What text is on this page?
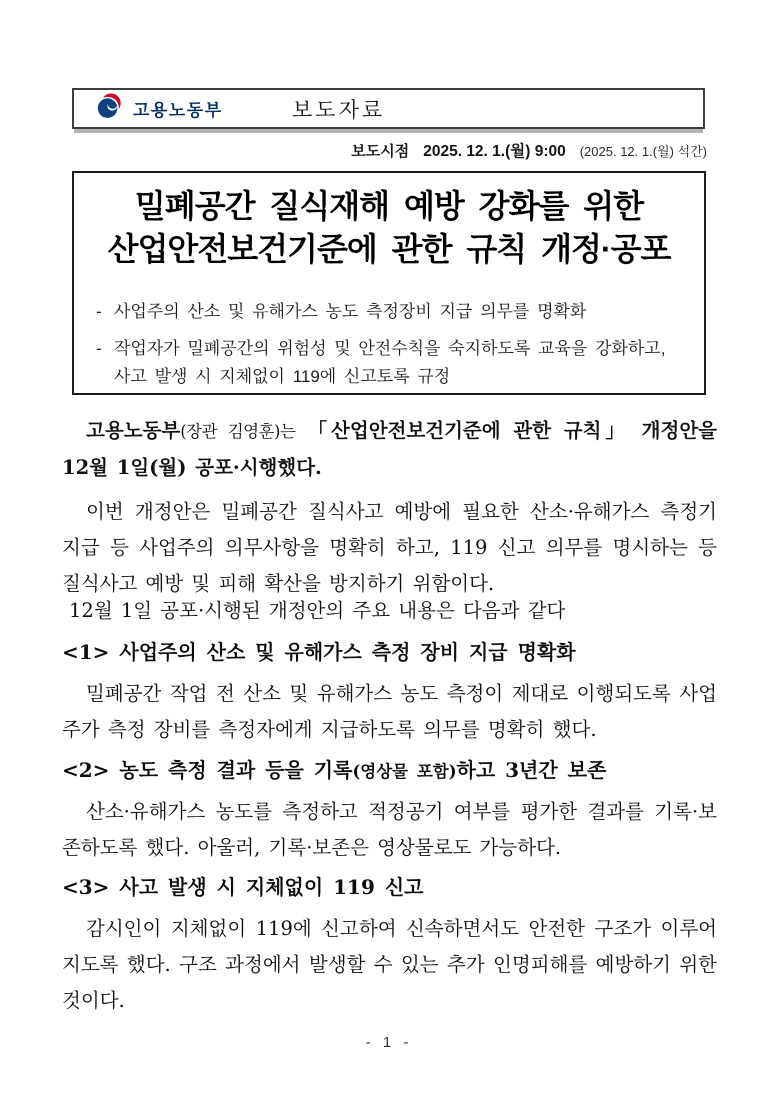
고용노동부	보도자료
보도시점 2025. 12. 1.(월) 9:00 (2025. 12. 1.(월) 석간)
밀폐공간 질식재해 예방 강화를 위한
산업안전보건기준에 관한 규칙 개정·공포
- 사업주의 산소 및 유해가스 농도 측정장비 지급 의무를 명확화
- 작업자가 밀폐공간의 위험성 및 안전수칙을 숙지하도록 교육을 강화하고, 사고 발생 시 지체없이 119에 신고토록 규정

고용노동부(장관 김영훈)는 「산업안전보건기준에 관한 규칙」 개정안을 12월 1일(월) 공포·시행했다.

이번 개정안은 밀폐공간 질식사고 예방에 필요한 산소·유해가스 측정기 지급 등 사업주의 의무사항을 명확히 하고, 119 신고 의무를 명시하는 등 질식사고 예방 및 피해 확산을 방지하기 위함이다.

12월 1일 공포·시행된 개정안의 주요 내용은 다음과 같다

<1> 사업주의 산소 및 유해가스 측정 장비 지급 명확화

밀폐공간 작업 전 산소 및 유해가스 농도 측정이 제대로 이행되도록 사업주가 측정 장비를 측정자에게 지급하도록 의무를 명확히 했다.

<2> 농도 측정 결과 등을 기록(영상물 포함)하고 3년간 보존

산소·유해가스 농도를 측정하고 적정공기 여부를 평가한 결과를 기록·보존하도록 했다. 아울러, 기록·보존은 영상물로도 가능하다.

<3> 사고 발생 시 지체없이 119 신고

감시인이 지체없이 119에 신고하여 신속하면서도 안전한 구조가 이루어지도록 했다. 구조 과정에서 발생할 수 있는 추가 인명피해를 예방하기 위한 것이다.

- 1 -
